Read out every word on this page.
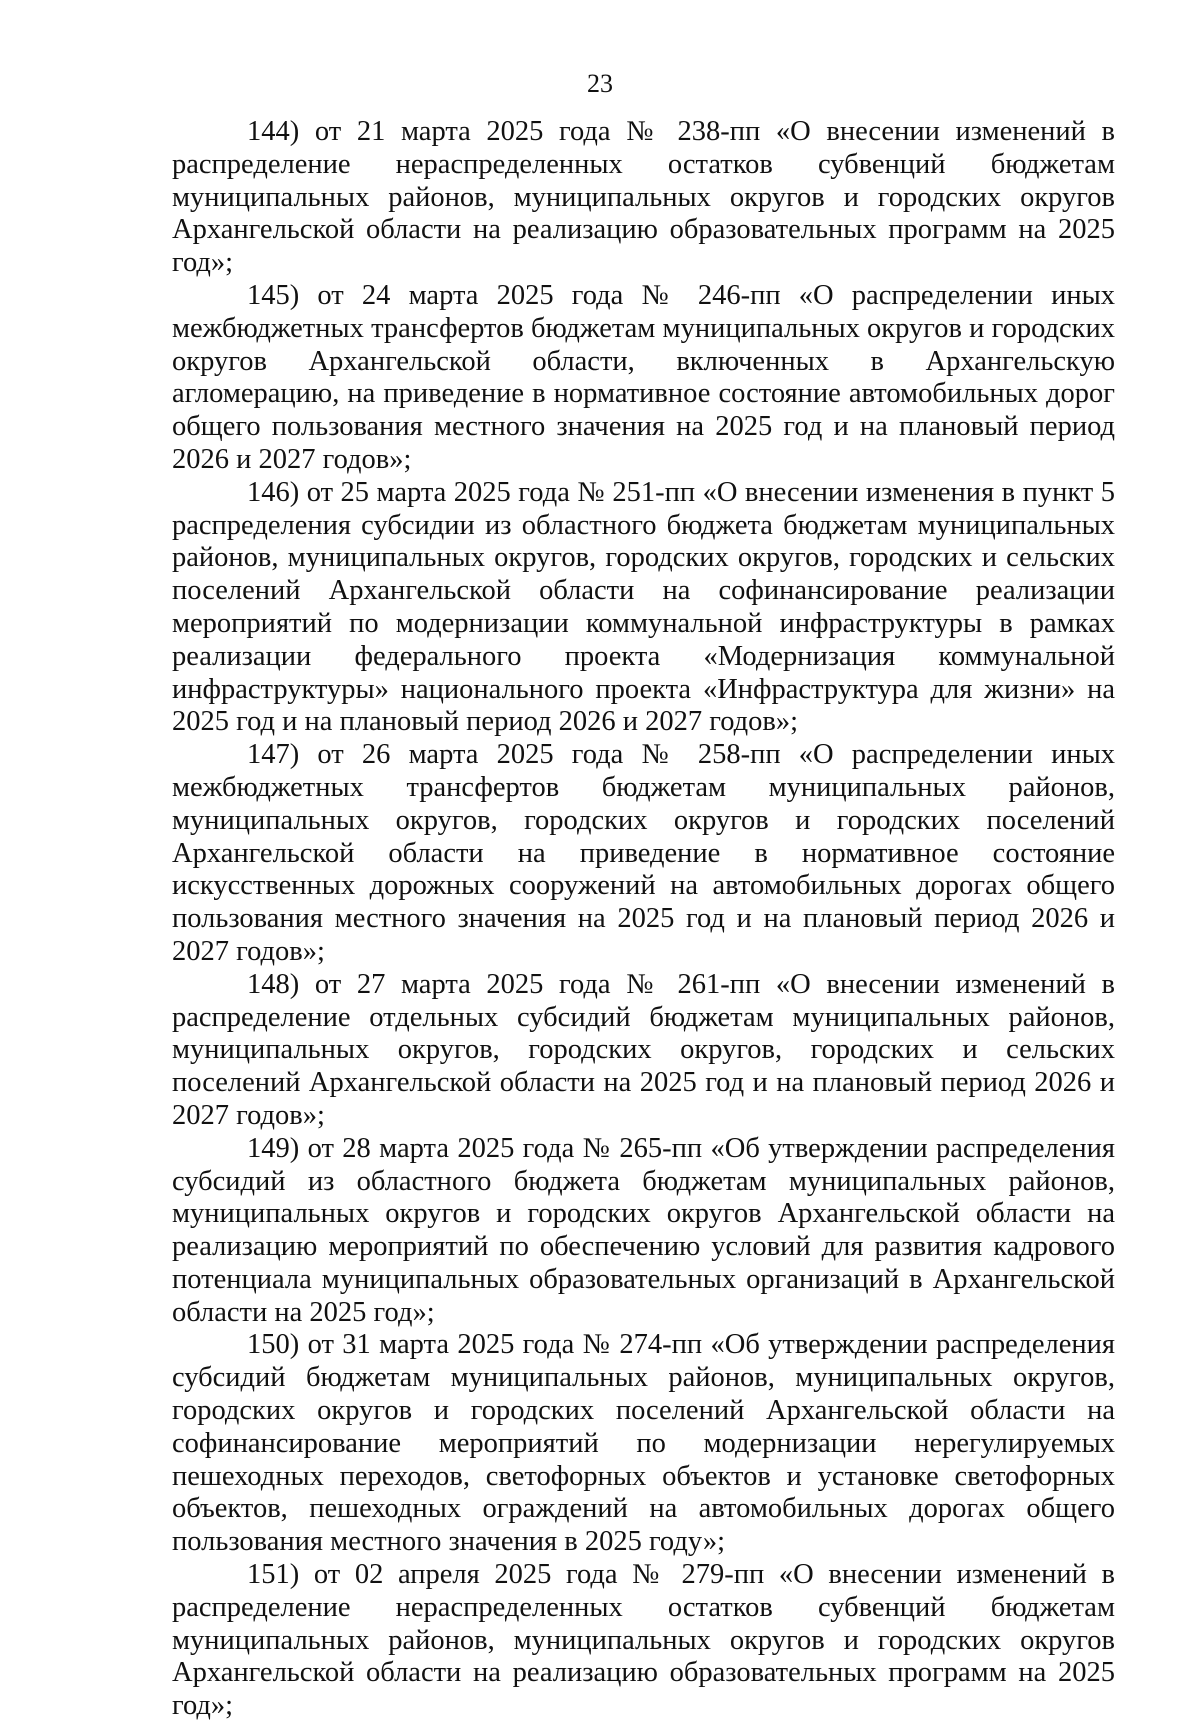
23

144) от 21 марта 2025 года № 238-пп «О внесении изменений в распределение нераспределенных остатков субвенций бюджетам муниципальных районов, муниципальных округов и городских округов Архангельской области на реализацию образовательных программ на 2025 год»;

145) от 24 марта 2025 года № 246-пп «О распределении иных межбюджетных трансфертов бюджетам муниципальных округов и городских округов Архангельской области, включенных в Архангельскую агломерацию, на приведение в нормативное состояние автомобильных дорог общего пользования местного значения на 2025 год и на плановый период 2026 и 2027 годов»;

146) от 25 марта 2025 года № 251-пп «О внесении изменения в пункт 5 распределения субсидии из областного бюджета бюджетам муниципальных районов, муниципальных округов, городских округов, городских и сельских поселений Архангельской области на софинансирование реализации мероприятий по модернизации коммунальной инфраструктуры в рамках реализации федерального проекта «Модернизация коммунальной инфраструктуры» национального проекта «Инфраструктура для жизни» на 2025 год и на плановый период 2026 и 2027 годов»;

147) от 26 марта 2025 года № 258-пп «О распределении иных межбюджетных трансфертов бюджетам муниципальных районов, муниципальных округов, городских округов и городских поселений Архангельской области на приведение в нормативное состояние искусственных дорожных сооружений на автомобильных дорогах общего пользования местного значения на 2025 год и на плановый период 2026 и 2027 годов»;

148) от 27 марта 2025 года № 261-пп «О внесении изменений в распределение отдельных субсидий бюджетам муниципальных районов, муниципальных округов, городских округов, городских и сельских поселений Архангельской области на 2025 год и на плановый период 2026 и 2027 годов»;

149) от 28 марта 2025 года № 265-пп «Об утверждении распределения субсидий из областного бюджета бюджетам муниципальных районов, муниципальных округов и городских округов Архангельской области на реализацию мероприятий по обеспечению условий для развития кадрового потенциала муниципальных образовательных организаций в Архангельской области на 2025 год»;

150) от 31 марта 2025 года № 274-пп «Об утверждении распределения субсидий бюджетам муниципальных районов, муниципальных округов, городских округов и городских поселений Архангельской области на софинансирование мероприятий по модернизации нерегулируемых пешеходных переходов, светофорных объектов и установке светофорных объектов, пешеходных ограждений на автомобильных дорогах общего пользования местного значения в 2025 году»;

151) от 02 апреля 2025 года № 279-пп «О внесении изменений в распределение нераспределенных остатков субвенций бюджетам муниципальных районов, муниципальных округов и городских округов Архангельской области на реализацию образовательных программ на 2025 год»;
